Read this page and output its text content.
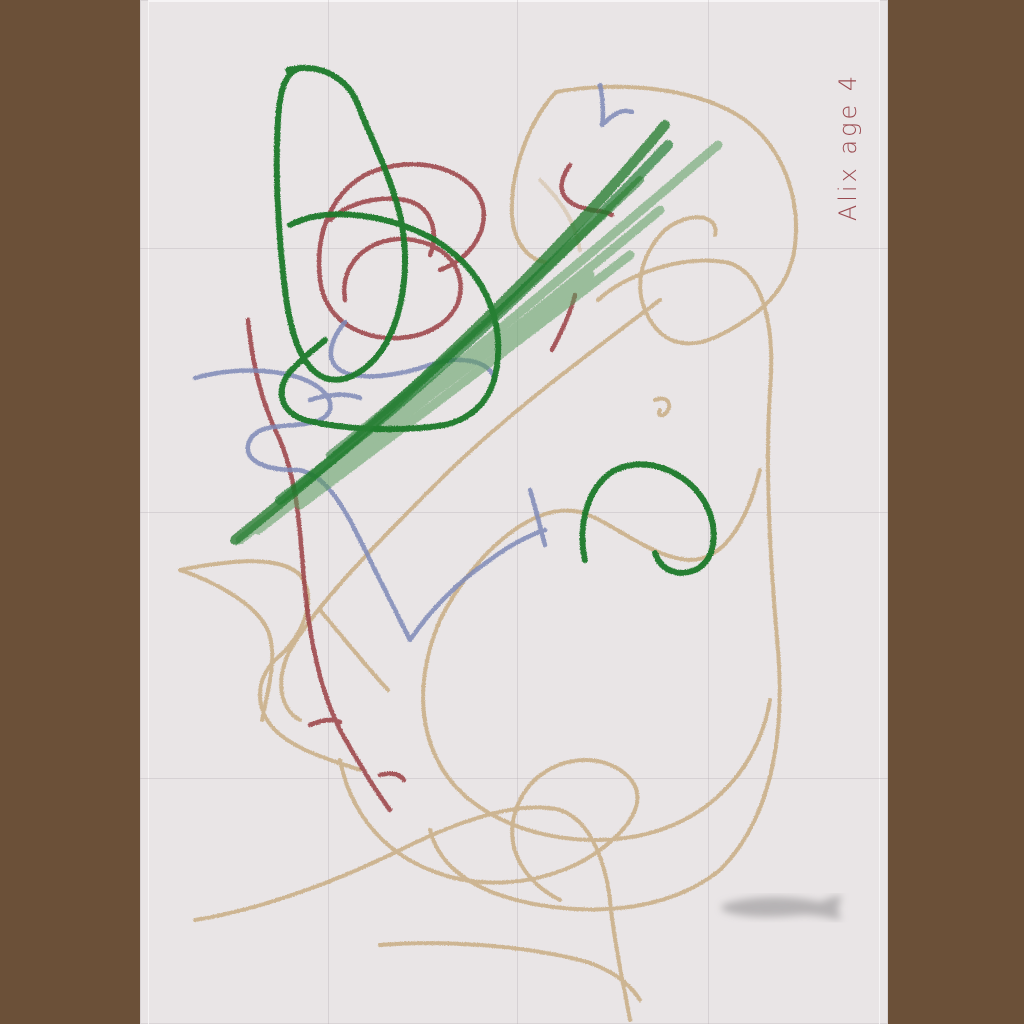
Alix age 4
